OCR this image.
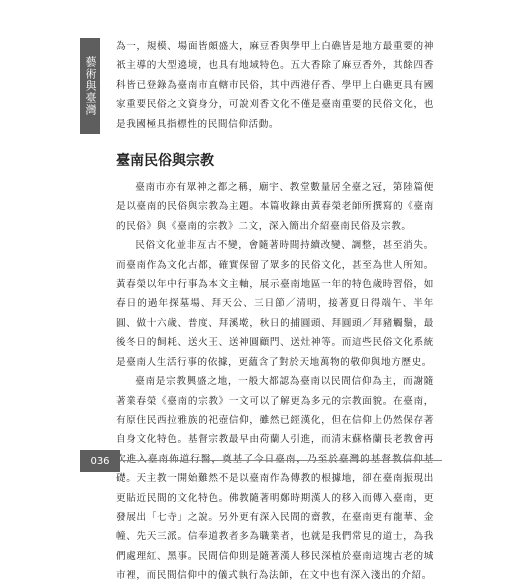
藝術與臺灣

為一，規模、場面皆頗盛大，麻豆香與學甲上白礁皆是地方最重要的神祇主導的大型遶境，也具有地域特色。五大香除了麻豆香外，其餘四香科皆已登錄為臺南市直轄市民俗，其中西港仔香、學甲上白礁更具有國家重要民俗之文資身分，可說刈香文化不僅是臺南重要的民俗文化，也是我國極具指標性的民間信仰活動。

臺南民俗與宗教

臺南市亦有眾神之都之稱，廟宇、教堂數量居全臺之冠，第陸篇便是以臺南的民俗與宗教為主題。本篇收錄由黃春榮老師所撰寫的《臺南的民俗》與《臺南的宗教》二文，深入簡出介紹臺南民俗及宗教。

民俗文化並非亙古不變，會隨著時間持續改變、調整，甚至消失。而臺南作為文化古都，確實保留了眾多的民俗文化，甚至為世人所知。黃春榮以年中行事為本文主軸，展示臺南地區一年的特色歲時習俗，如春日的過年探墓場、拜天公、三日節／清明，接著夏日得端午、半年圓、做十六歲、普度、拜溪墘，秋日的捕圓頭、拜圓頭／拜豬觸鬚，最後冬日的飼耗、送火王、送神圓顧門、送灶神等。而這些民俗文化系統是臺南人生活行事的依據，更蘊含了對於天地萬物的敬仰與地方歷史。

臺南是宗教興盛之地，一般大都認為臺南以民間信仰為主，而謝隨著業春榮《臺南的宗教》一文可以了解更為多元的宗教面貌。在臺南，有原住民西拉雅族的祀壺信仰，雖然已經漢化，但在信仰上仍然保存著自身文化特色。基督宗教最早由荷蘭人引進，而清末蘇格蘭長老教會再 礎。天主教一開始難然不是以臺南作為傳教的根據地，卻在臺南振現出更貼近民間的文化特色。佛教隨著明鄭時期漢人的移入而傳入臺南，更發展出「七寺」之說。另外更有深入民間的齋教，在臺南更有龍華、金幢、先天三派。信奉道教者多為職業者，也就是我們常見的道士，為我們處理紅、黑事。民間信仰則是隨著漢人移民深植於臺南這塊古老的城市裡，而民間信仰中的儀式執行為法師，在文中也有深入淺出的介紹。

036
